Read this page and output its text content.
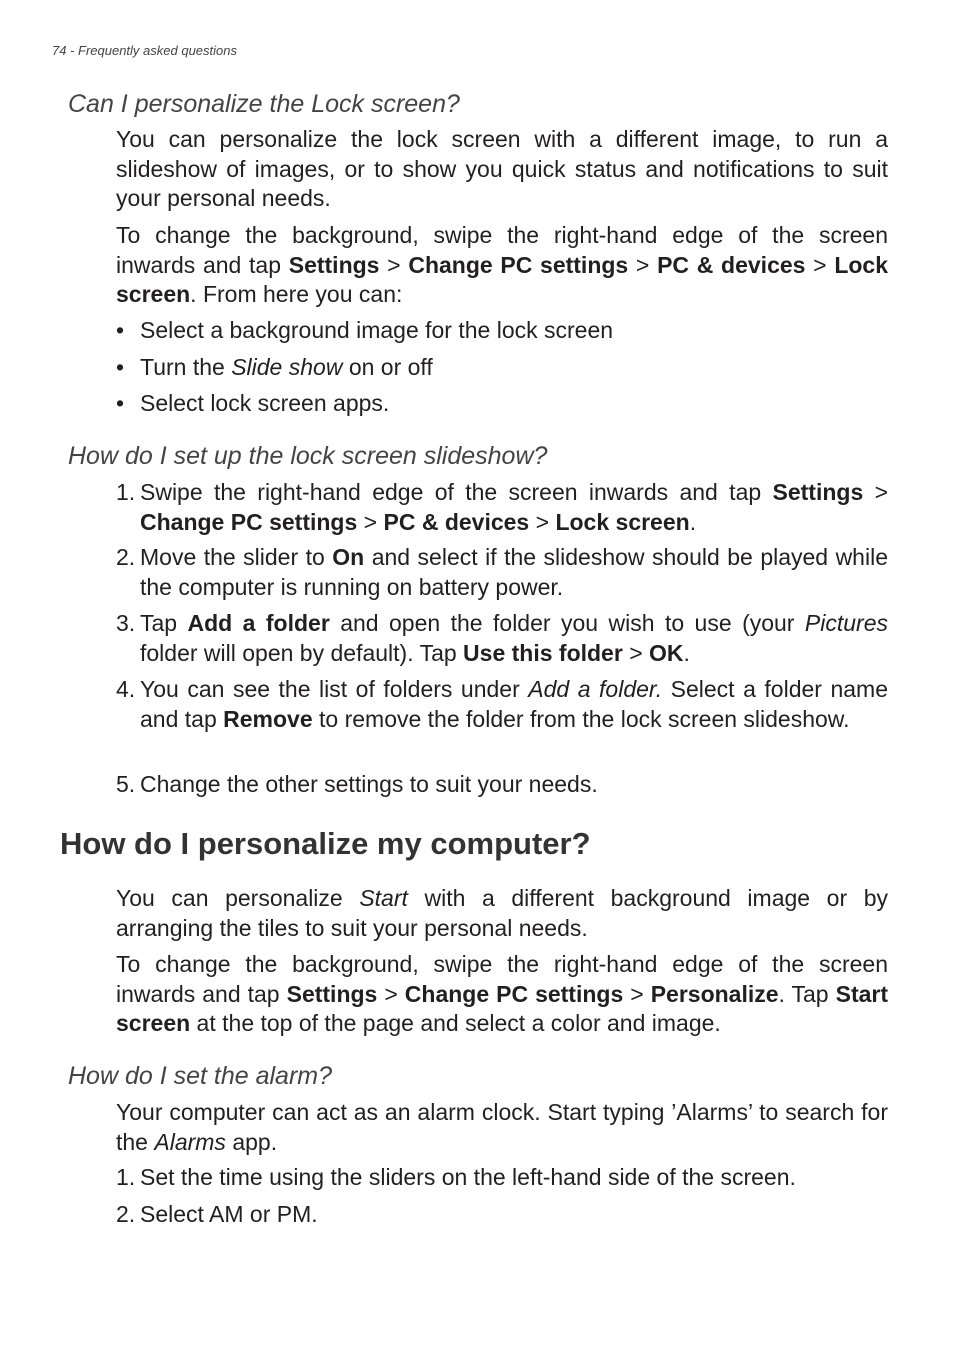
74 - Frequently asked questions
Can I personalize the Lock screen?

You can personalize the lock screen with a different image, to run a slideshow of images, or to show you quick status and notifications to suit your personal needs.

To change the background, swipe the right-hand edge of the screen inwards and tap Settings > Change PC settings > PC & devices > Lock screen. From here you can:

• Select a background image for the lock screen
• Turn the Slide show on or off
• Select lock screen apps.
How do I set up the lock screen slideshow?
1. Swipe the right-hand edge of the screen inwards and tap Settings > Change PC settings > PC & devices > Lock screen.
2. Move the slider to On and select if the slideshow should be played while the computer is running on battery power.
3. Tap Add a folder and open the folder you wish to use (your Pictures folder will open by default). Tap Use this folder > OK.
4. You can see the list of folders under Add a folder. Select a folder name and tap Remove to remove the folder from the lock screen slideshow.
5. Change the other settings to suit your needs.
How do I personalize my computer?

You can personalize Start with a different background image or by arranging the tiles to suit your personal needs.

To change the background, swipe the right-hand edge of the screen inwards and tap Settings > Change PC settings > Personalize. Tap Start screen at the top of the page and select a color and image.

How do I set the alarm?

Your computer can act as an alarm clock. Start typing ’Alarms’ to search for the Alarms app.

1. Set the time using the sliders on the left-hand side of the screen.
2. Select AM or PM.
